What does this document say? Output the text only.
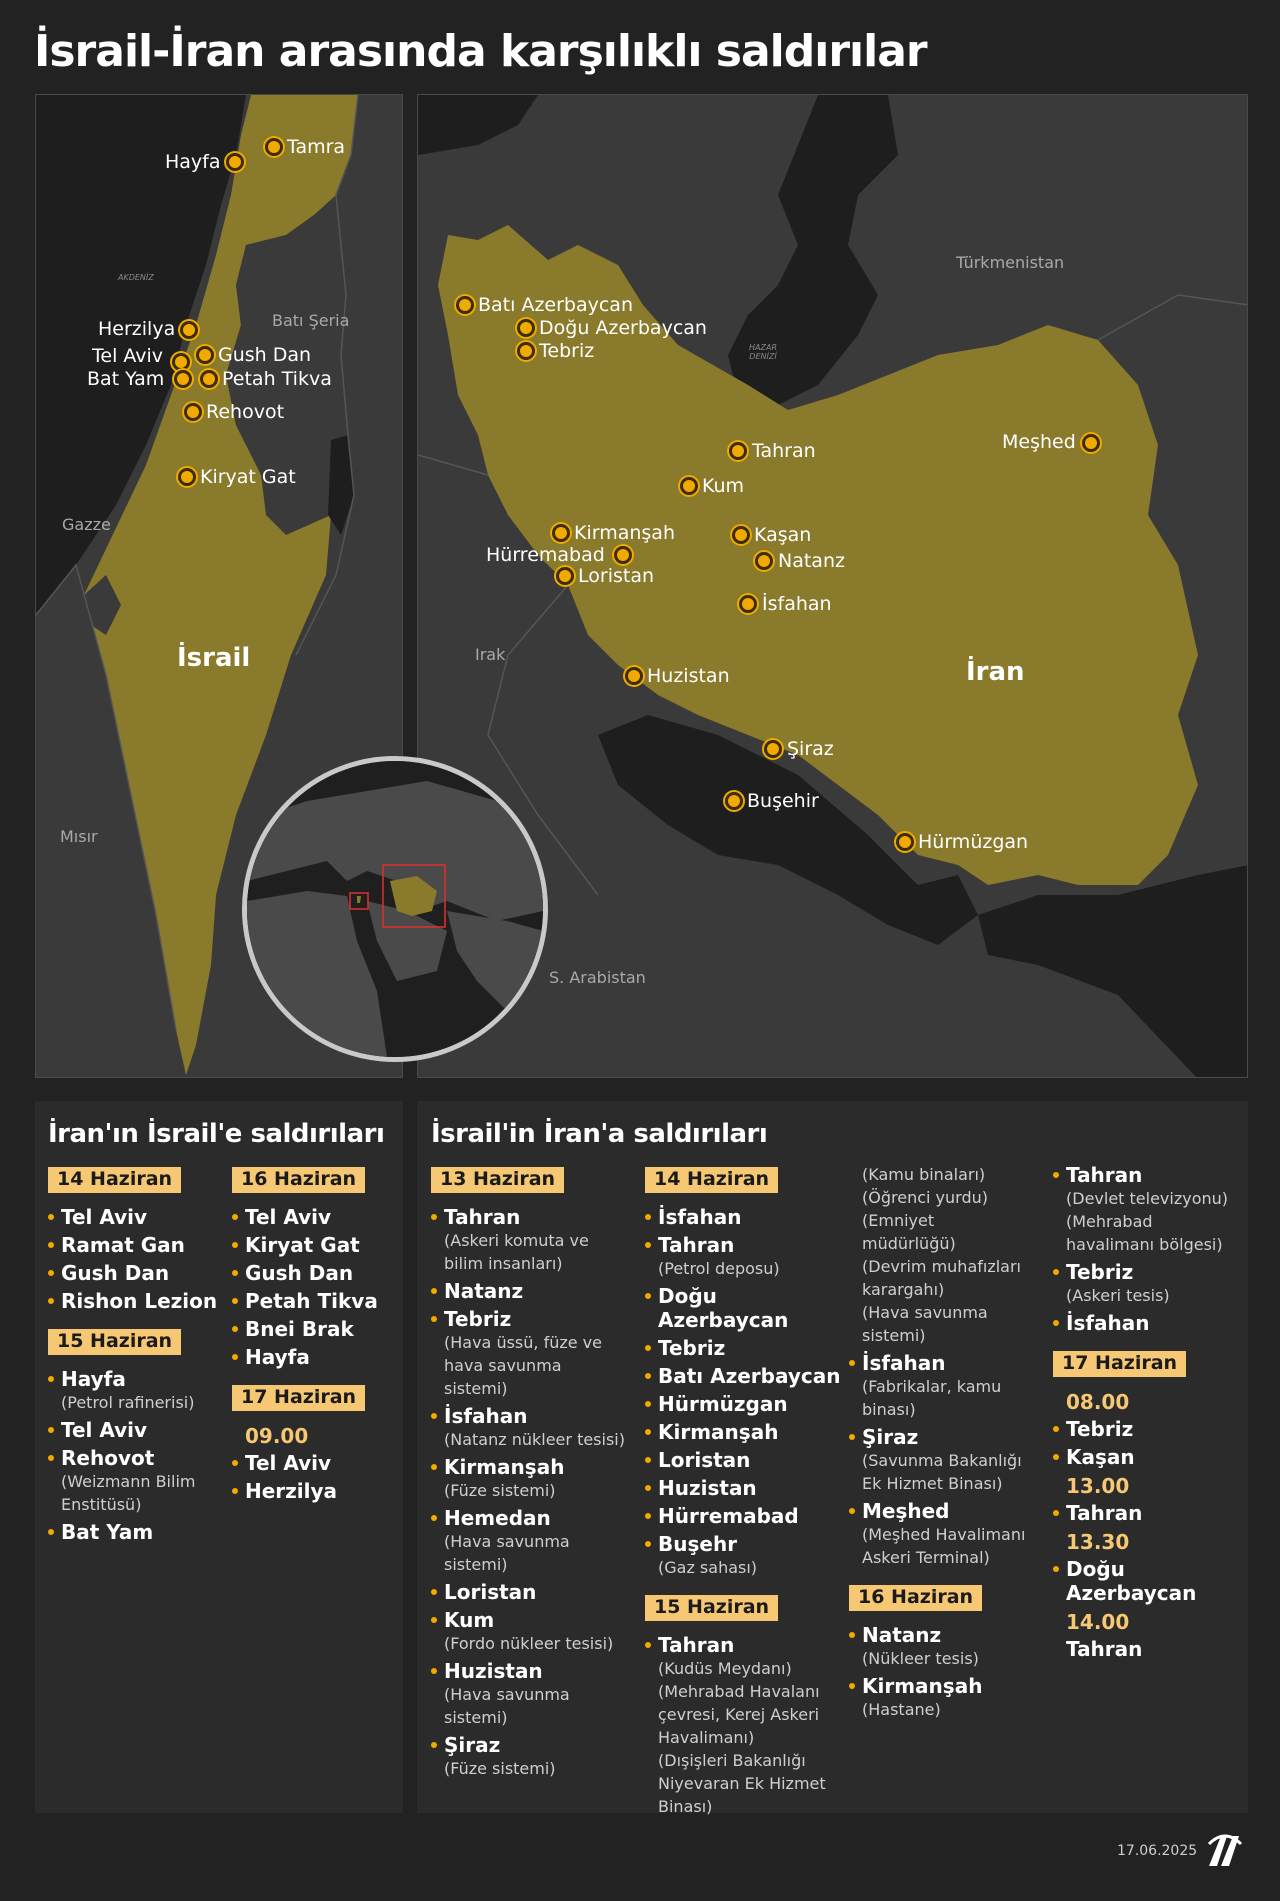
İsrail-İran arasında karşılıklı saldırılar
AKDENİZ
Batı Şeria
Gazze
Mısır
İsrail
Tamra
Hayfa
Herzilya
Tel Aviv	Gush Dan
Bat Yam	Petah Tikva
Rehovot
Kiryat Gat
Türkmenistan
Irak
S. Arabistan
HAZAR DENİZİ
İran
Batı Azerbaycan
Doğu Azerbaycan
Tebriz
Tahran
Kum
Meşhed
Kirmanşah	Kaşan
Hürremabad	Natanz
Loristan
İsfahan
Huzistan
Şiraz
Buşehir
Hürmüzgan
İran'ın İsrail'e saldırıları
14 Haziran
Tel Aviv
Ramat Gan
Gush Dan
Rishon Lezion
15 Haziran
Hayfa
(Petrol rafinerisi)
Tel Aviv
Rehovot
(Weizmann Bilim
Enstitüsü)
Bat Yam
16 Haziran
Tel Aviv
Kiryat Gat
Gush Dan
Petah Tikva
Bnei Brak
Hayfa
17 Haziran
09.00
Tel Aviv
Herzilya
İsrail'in İran'a saldırıları
13 Haziran
Tahran
(Askeri komuta ve
bilim insanları)
Natanz
Tebriz
(Hava üssü, füze ve
hava savunma
sistemi)
İsfahan
(Natanz nükleer tesisi)
Kirmanşah
(Füze sistemi)
Hemedan
(Hava savunma
sistemi)
Loristan
Kum
(Fordo nükleer tesisi)
Huzistan
(Hava savunma
sistemi)
Şiraz
(Füze sistemi)
14 Haziran
İsfahan
Tahran
(Petrol deposu)
Doğu Azerbaycan
Tebriz
Batı Azerbaycan
Hürmüzgan
Kirmanşah
Loristan
Huzistan
Hürremabad
Buşehr
(Gaz sahası)
15 Haziran
Tahran
(Kudüs Meydanı)
(Mehrabad Havalanı
çevresi, Kerej Askeri
Havalimanı)
(Dışişleri Bakanlığı
Niyevaran Ek Hizmet
Binası)
(Kamu binaları)
(Öğrenci yurdu)
(Emniyet
müdürlüğü)
(Devrim muhafızları
karargahı)
(Hava savunma
sistemi)
İsfahan
(Fabrikalar, kamu
binası)
Şiraz
(Savunma Bakanlığı
Ek Hizmet Binası)
Meşhed
(Meşhed Havalimanı
Askeri Terminal)
16 Haziran
Natanz
(Nükleer tesis)
Kirmanşah
(Hastane)
Tahran
(Devlet televizyonu)
(Mehrabad
havalimanı bölgesi)
Tebriz
(Askeri tesis)
İsfahan
17 Haziran
08.00
Tebriz
Kaşan
13.00
Tahran
13.30
Doğu
Azerbaycan
14.00
Tahran
17.06.2025
